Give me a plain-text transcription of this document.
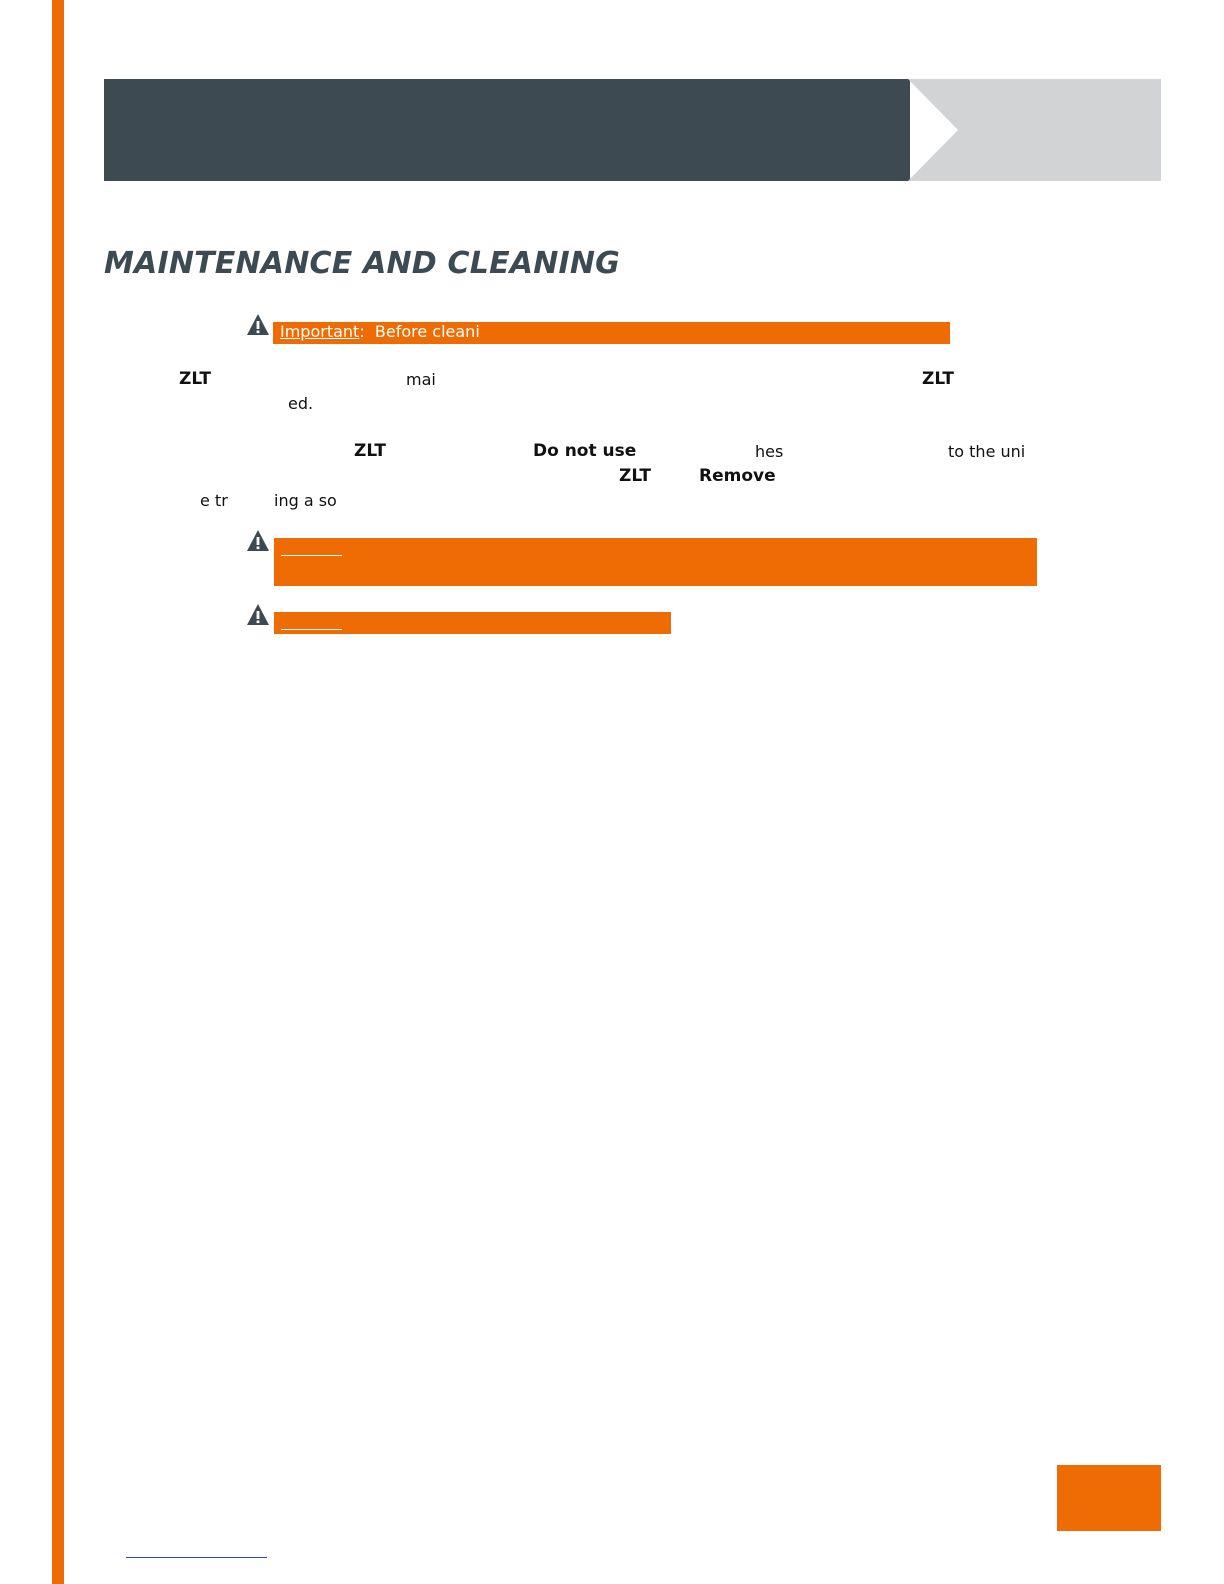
MAINTENANCE AND CLEANING
Important: Before cleani
ZLT	mai	ZLT
ed.
ZLT	Do not use	hes	to the uni
ZLT	Remove
e tr	ing a so
